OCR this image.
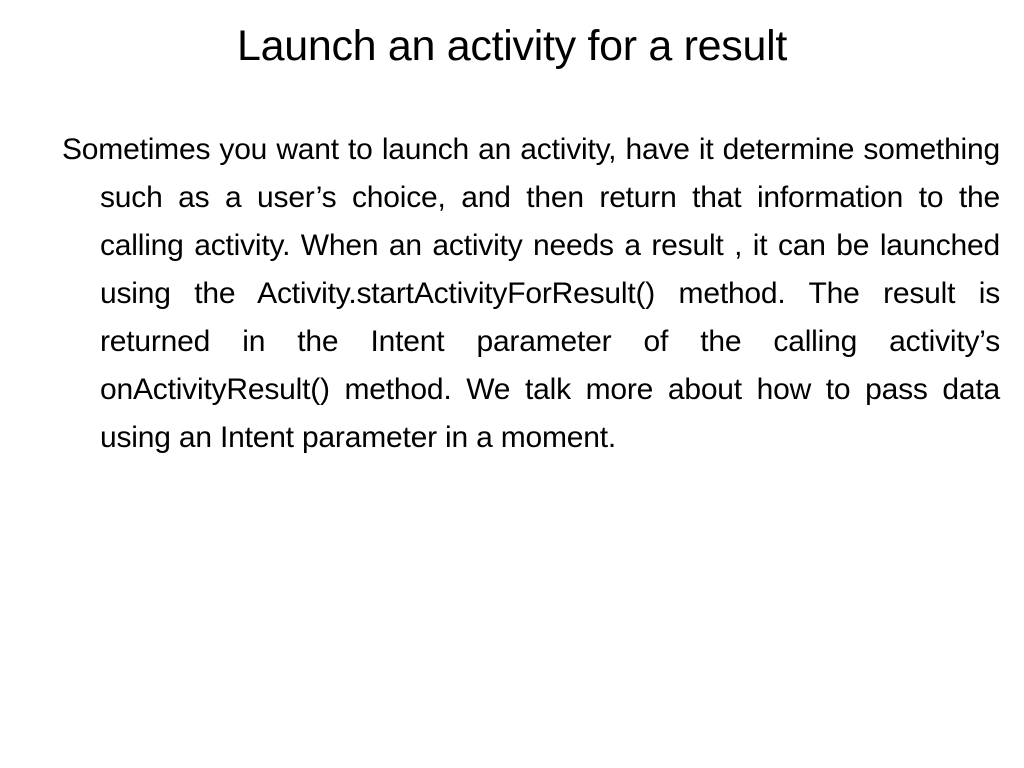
Launch an activity for a result

Sometimes you want to launch an activity, have it determine something such as a user’s choice, and then return that information to the calling activity. When an activity needs a result , it can be launched using the Activity.startActivityForResult() method. The result is returned in the Intent parameter of the calling activity’s onActivityResult() method. We talk more about how to pass data using an Intent parameter in a moment.
